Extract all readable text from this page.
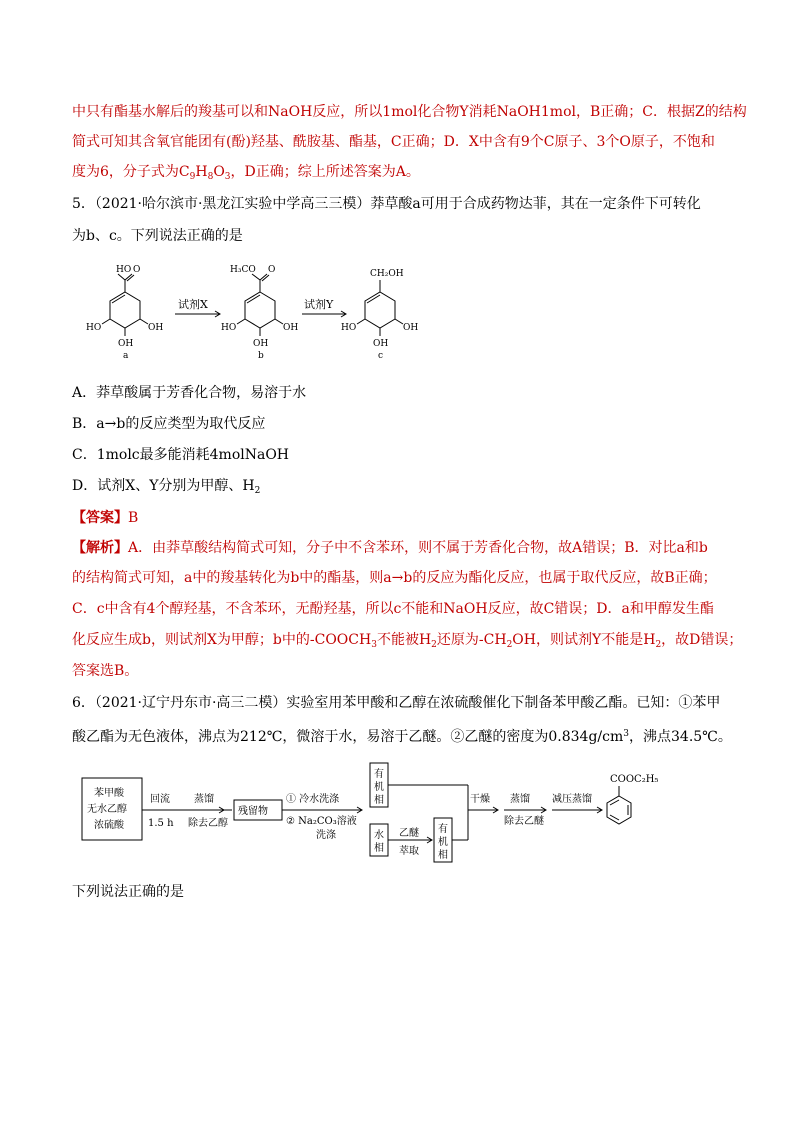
中只有酯基水解后的羧基可以和NaOH反应，所以1mol化合物Y消耗NaOH1mol，B正确；C．根据Z的结构
简式可知其含氧官能团有(酚)羟基、酰胺基、酯基，C正确；D．X中含有9个C原子、3个O原子，不饱和
度为6，分子式为$C_9H_8O_3$，D正确；综上所述答案为A。
5．（2021·哈尔滨市·黑龙江实验中学高三三模）莽草酸a可用于合成药物达菲，其在一定条件下可转化
为b、c。下列说法正确的是
HO O
HO	OH
OH
a
试剂X
H₃CO O
HO	OH
OH
b
试剂Y
CH₂OH
HO	OH
OH
c
A．莽草酸属于芳香化合物，易溶于水
B．a→b的反应类型为取代反应
C．1molc最多能消耗4molNaOH
D．试剂X、Y分别为甲醇、$H_2$
【答案】B
【解析】A．由莽草酸结构简式可知，分子中不含苯环，则不属于芳香化合物，故A错误；B．对比a和b
的结构简式可知，a中的羧基转化为b中的酯基，则a→b的反应为酯化反应，也属于取代反应，故B正确；
C．c中含有4个醇羟基，不含苯环，无酚羟基，所以c不能和NaOH反应，故C错误；D．a和甲醇发生酯
化反应生成b，则试剂X为甲醇；b中的$-COOCH_3$不能被$H_2$还原为$-CH_2OH$，则试剂Y不能是$H_2$，故D错误；
答案选B。
6．（2021·辽宁丹东市·高三二模）实验室用苯甲酸和乙醇在浓硫酸催化下制备苯甲酸乙酯。已知：①苯甲
酸乙酯为无色液体，沸点为212℃，微溶于水，易溶于乙醚。②乙醚的密度为$0.834g/cm^3$，沸点34.5℃。
苯甲酸
无水乙醇
浓硫酸
回流
1.5 h
蒸馏
除去乙醇
残留物
① 冷水洗涤
② Na₂CO₃溶液
洗涤	乙醚
萃取
干燥 蒸馏
除去乙醚
减压蒸馏
COOC₂H₅
有
机
相
水
相
有
机
相
下列说法正确的是
